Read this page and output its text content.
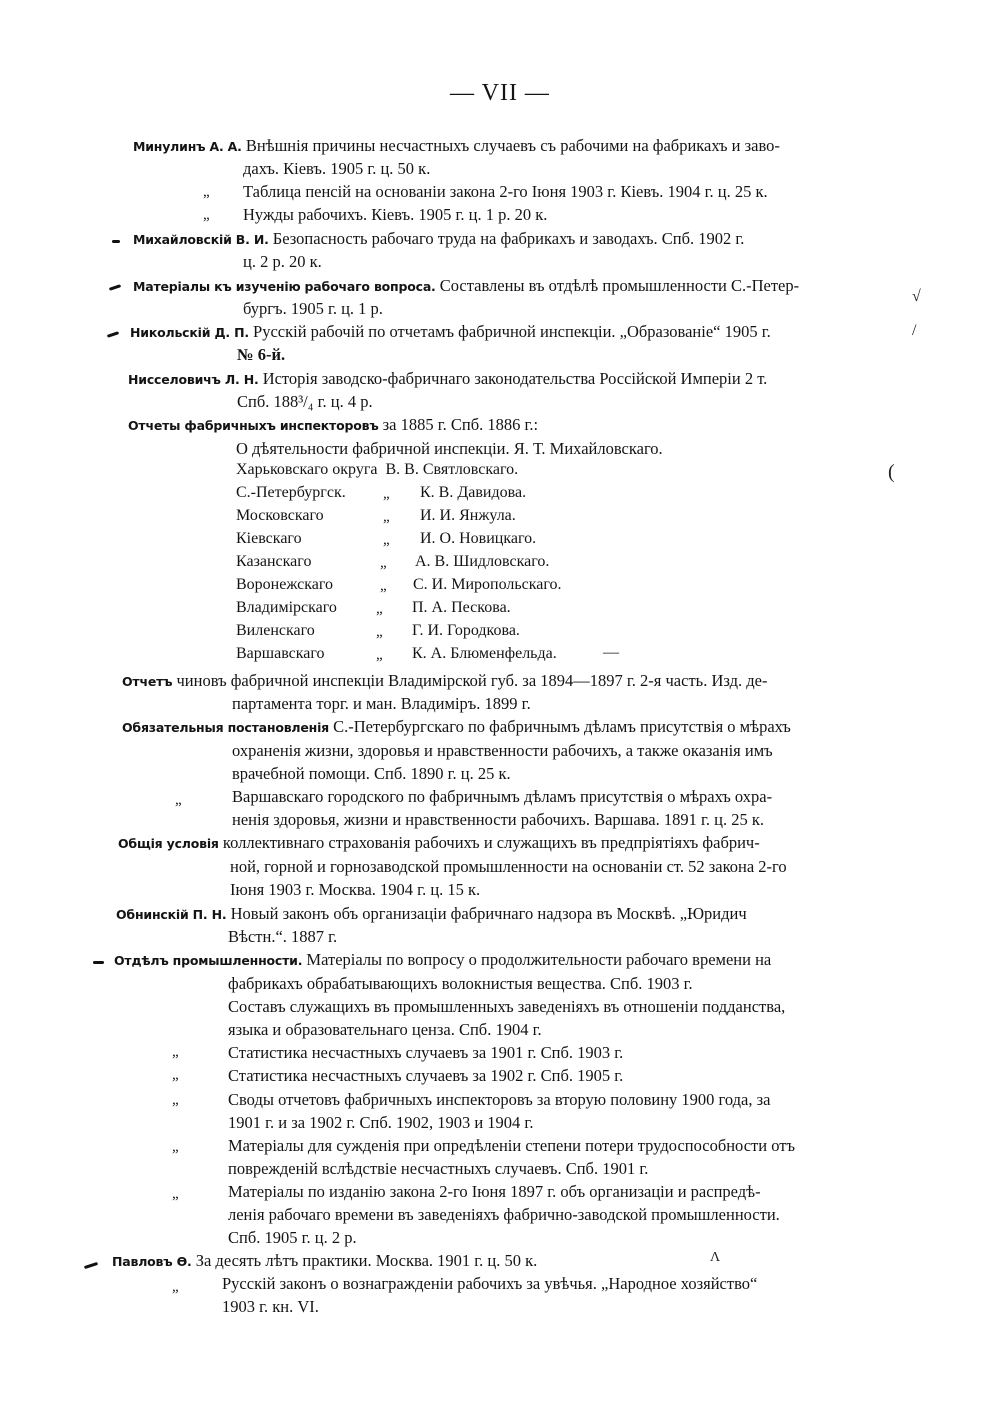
— VII —
Минулинъ А. А. Внѣшнія причины несчастныхъ случаевъ съ рабочими на фабрикахъ и заво-
дахъ. Кіевъ. 1905 г. ц. 50 к.
„ Таблица пенсій на основаніи закона 2-го Іюня 1903 г. Кіевъ. 1904 г. ц. 25 к.
„ Нужды рабочихъ. Кіевъ. 1905 г. ц. 1 р. 20 к.
Михайловскій В. И. Безопасность рабочаго труда на фабрикахъ и заводахъ. Спб. 1902 г.
ц. 2 р. 20 к.
Матеріалы къ изученію рабочаго вопроса. Составлены въ отдѣлѣ промышленности С.-Петер-
бургъ. 1905 г. ц. 1 р.
√
Никольскій Д. П. Русскій рабочій по отчетамъ фабричной инспекціи. „Образованіе“ 1905 г.
№ 6-й.
/
Нисселовичъ Л. Н. Исторія заводско-фабричнаго законодательства Россійской Имперіи 2 т.
Спб. 188³/₄ г. ц. 4 р.
Отчеты фабричныхъ инспекторовъ за 1885 г. Спб. 1886 г.:
О дѣятельности фабричной инспекціи. Я. Т. Михайловскаго.
(
Харьковскаго округа В. В. Святловскаго.
С.-Петербургск. „ К. В. Давидова.
Московскаго	„ И. И. Янжула.
Кіевскаго	„ И. О. Новицкаго.
Казанскаго	„ А. В. Шидловскаго.
Воронежскаго	„ С. И. Миропольскаго.
Владимірскаго	„ П. А. Пескова.
Виленскаго	„ Г. И. Городкова.
Варшавскаго	„ К. А. Блюменфельда.	—
Отчетъ чиновъ фабричной инспекціи Владимірской губ. за 1894—1897 г. 2-я часть. Изд. де-
партамента торг. и ман. Владиміръ. 1899 г.
Обязательныя постановленія С.-Петербургскаго по фабричнымъ дѣламъ присутствія о мѣрахъ
охраненія жизни, здоровья и нравственности рабочихъ, а также оказанія имъ
врачебной помощи. Спб. 1890 г. ц. 25 к.
„	Варшавскаго городского по фабричнымъ дѣламъ присутствія о мѣрахъ охра-
ненія здоровья, жизни и нравственности рабочихъ. Варшава. 1891 г. ц. 25 к.
Общія условія коллективнаго страхованія рабочихъ и служащихъ въ предпріятіяхъ фабрич-
ной, горной и горнозаводской промышленности на основаніи ст. 52 закона 2-го
Іюня 1903 г. Москва. 1904 г. ц. 15 к.
Обнинскій П. Н. Новый законъ объ организаціи фабричнаго надзора въ Москвѣ. „Юридич
Вѣстн.“. 1887 г.
Отдѣлъ промышленности. Матеріалы по вопросу о продолжительности рабочаго времени на
фабрикахъ обрабатывающихъ волокнистыя вещества. Спб. 1903 г.
Составъ служащихъ въ промышленныхъ заведеніяхъ въ отношеніи подданства,
языка и образовательнаго ценза. Спб. 1904 г.
„	Статистика несчастныхъ случаевъ за 1901 г. Спб. 1903 г.
„	Статистика несчастныхъ случаевъ за 1902 г. Спб. 1905 г.
„	Своды отчетовъ фабричныхъ инспекторовъ за вторую половину 1900 года, за
1901 г. и за 1902 г. Спб. 1902, 1903 и 1904 г.
„	Матеріалы для сужденія при опредѣленіи степени потери трудоспособности отъ
поврежденій вслѣдствіе несчастныхъ случаевъ. Спб. 1901 г.
„	Матеріалы по изданію закона 2-го Іюня 1897 г. объ организаціи и распредѣ-
ленія рабочаго времени въ заведеніяхъ фабрично-заводской промышленности.
Спб. 1905 г. ц. 2 р.
Павловъ Ѳ. За десять лѣтъ практики. Москва. 1901 г. ц. 50 к.	Λ
„	Русскій законъ о вознагражденіи рабочихъ за увѣчья. „Народное хозяйство“
1903 г. кн. VI.
